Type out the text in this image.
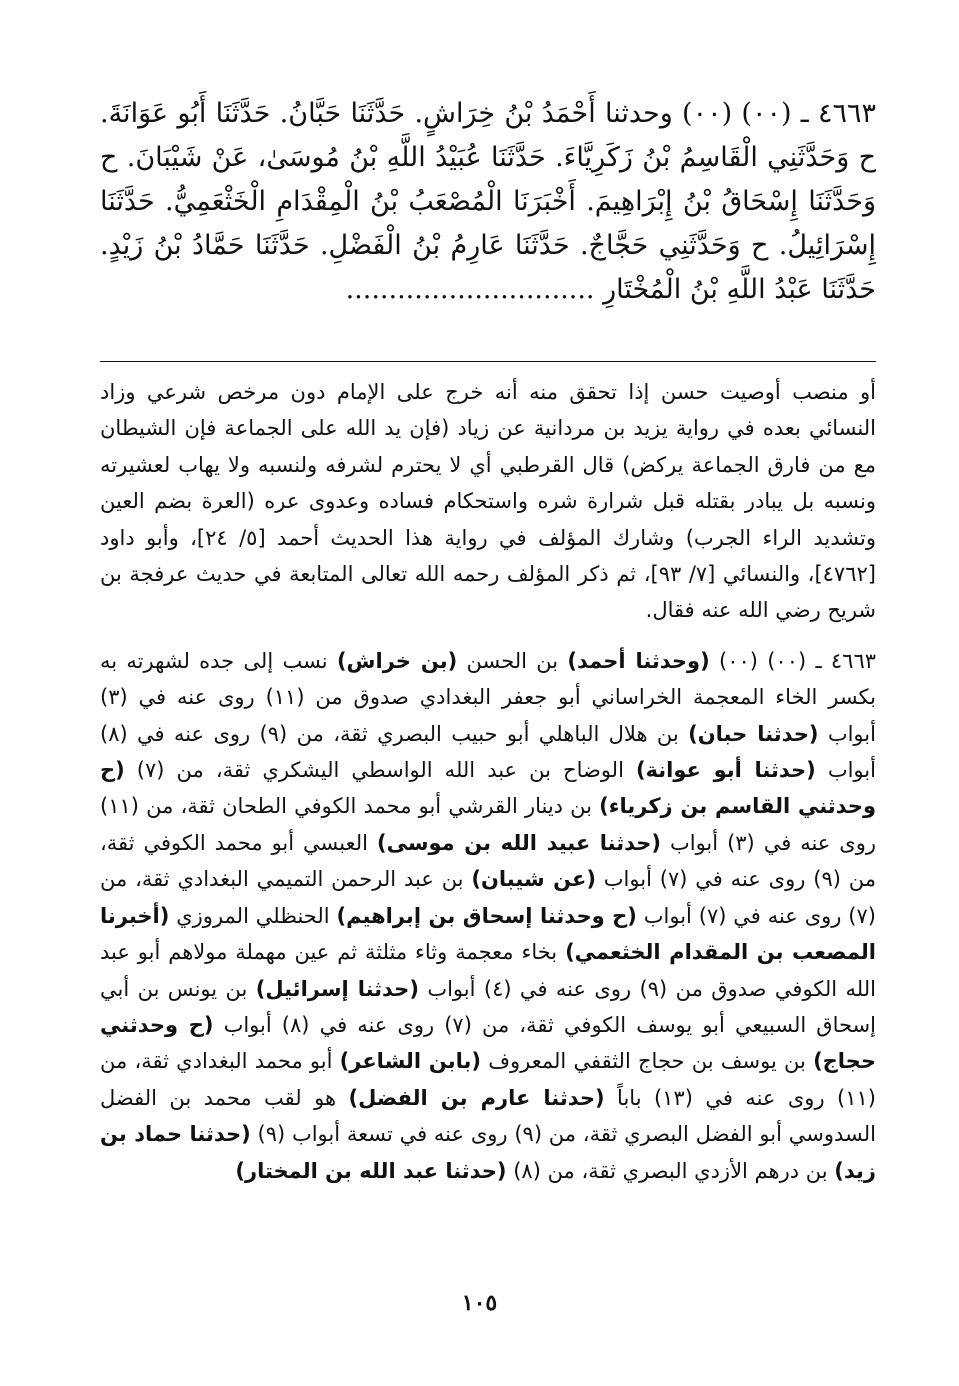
٤٦٦٣ ـ (٠٠) (٠٠) وحدثنا أَحْمَدُ بْنُ خِرَاشٍ. حَدَّثَنَا حَبَّانُ. حَدَّثَنَا أَبُو عَوَانَةَ. ح وَحَدَّثَنِي الْقَاسِمُ بْنُ زَكَرِيَّاءَ. حَدَّثَنَا عُبَيْدُ اللَّهِ بْنُ مُوسَىٰ، عَنْ شَيْبَانَ. ح وَحَدَّثَنَا إِسْحَاقُ بْنُ إِبْرَاهِيمَ. أَخْبَرَنَا الْمُصْعَبُ بْنُ الْمِقْدَامِ الْخَثْعَمِيُّ. حَدَّثَنَا إِسْرَائِيلُ. ح وَحَدَّثَنِي حَجَّاجٌ. حَدَّثَنَا عَارِمُ بْنُ الْفَضْلِ. حَدَّثَنَا حَمَّادُ بْنُ زَيْدٍ. حَدَّثَنَا عَبْدُ اللَّهِ بْنُ الْمُخْتَارِ .............................

أو منصب أوصيت حسن إذا تحقق منه أنه خرج على الإمام دون مرخص شرعي وزاد النسائي بعده في رواية يزيد بن مردانية عن زياد (فإن يد الله على الجماعة فإن الشيطان مع من فارق الجماعة يركض) قال القرطبي أي لا يحترم لشرفه ولنسبه ولا يهاب لعشيرته ونسبه بل يبادر بقتله قبل شرارة شره واستحكام فساده وعدوى عره (العرة بضم العين وتشديد الراء الجرب) وشارك المؤلف في رواية هذا الحديث أحمد [٥/ ٢٤]، وأبو داود [٤٧٦٢]، والنسائي [٧/ ٩٣]، ثم ذكر المؤلف رحمه الله تعالى المتابعة في حديث عرفجة بن شريح رضي الله عنه فقال.

٤٦٦٣ ـ (٠٠) (٠٠) (وحدثنا أحمد) بن الحسن (بن خراش) نسب إلى جده لشهرته به بكسر الخاء المعجمة الخراساني أبو جعفر البغدادي صدوق من (١١) روى عنه في (٣) أبواب (حدثنا حبان) بن هلال الباهلي أبو حبيب البصري ثقة، من (٩) روى عنه في (٨) أبواب (حدثنا أبو عوانة) الوضاح بن عبد الله الواسطي اليشكري ثقة، من (٧) (ح وحدثني القاسم بن زكرياء) بن دينار القرشي أبو محمد الكوفي الطحان ثقة، من (١١) روى عنه في (٣) أبواب (حدثنا عبيد الله بن موسى) العبسي أبو محمد الكوفي ثقة، من (٩) روى عنه في (٧) أبواب (عن شيبان) بن عبد الرحمن التميمي البغدادي ثقة، من (٧) روى عنه في (٧) أبواب (ح وحدثنا إسحاق بن إبراهيم) الحنظلي المروزي (أخبرنا المصعب بن المقدام الخثعمي) بخاء معجمة وثاء مثلثة ثم عين مهملة مولاهم أبو عبد الله الكوفي صدوق من (٩) روى عنه في (٤) أبواب (حدثنا إسرائيل) بن يونس بن أبي إسحاق السبيعي أبو يوسف الكوفي ثقة، من (٧) روى عنه في (٨) أبواب (ح وحدثني حجاج) بن يوسف بن حجاج الثقفي المعروف (بابن الشاعر) أبو محمد البغدادي ثقة، من (١١) روى عنه في (١٣) باباً (حدثنا عارم بن الفضل) هو لقب محمد بن الفضل السدوسي أبو الفضل البصري ثقة، من (٩) روى عنه في تسعة أبواب (٩) (حدثنا حماد بن زيد) بن درهم الأزدي البصري ثقة، من (٨) (حدثنا عبد الله بن المختار)

١٠٥
